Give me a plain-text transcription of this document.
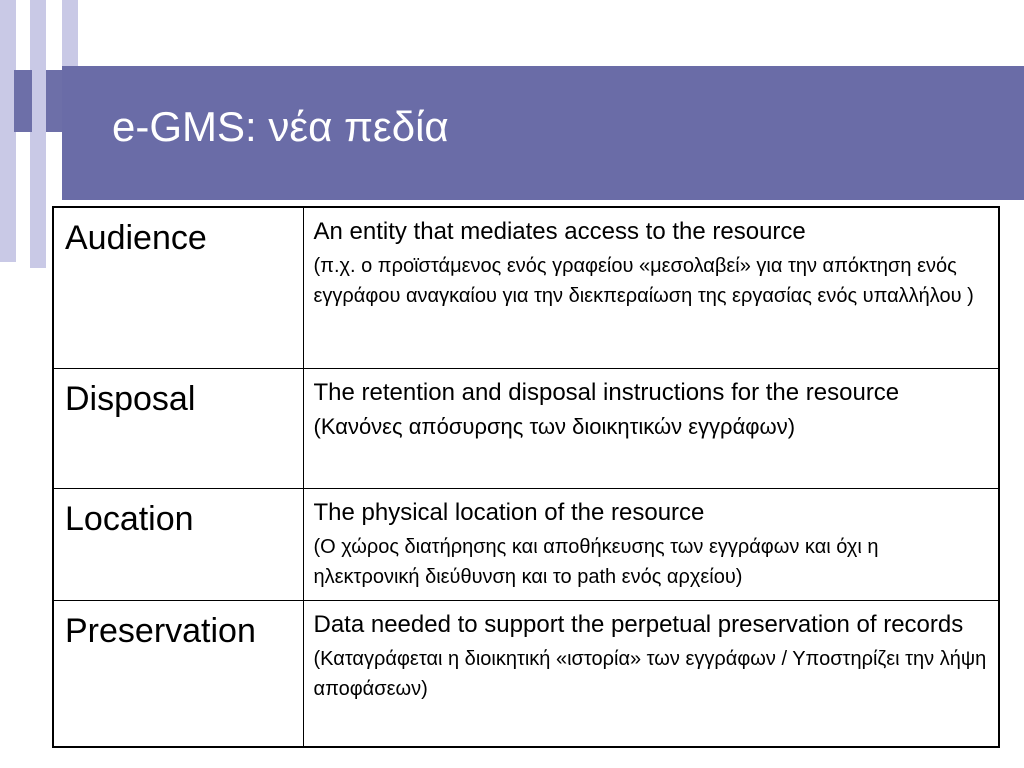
e-GMS: νέα πεδία
Audience	An entity that mediates access to the resource
(π.χ. ο προϊστάμενος ενός γραφείου «μεσολαβεί» για την απόκτηση ενός εγγράφου αναγκαίου για την διεκπεραίωση της εργασίας ενός υπαλλήλου )

Disposal	The retention and disposal instructions for the resource
(Κανόνες απόσυρσης των διοικητικών εγγράφων)

Location	The physical location of the resource
(Ο χώρος διατήρησης και αποθήκευσης των εγγράφων και όχι η ηλεκτρονική διεύθυνση και το path ενός αρχείου)

Preservation	Data needed to support the perpetual preservation of records
(Καταγράφεται η διοικητική «ιστορία» των εγγράφων / Υποστηρίζει την λήψη αποφάσεων)
